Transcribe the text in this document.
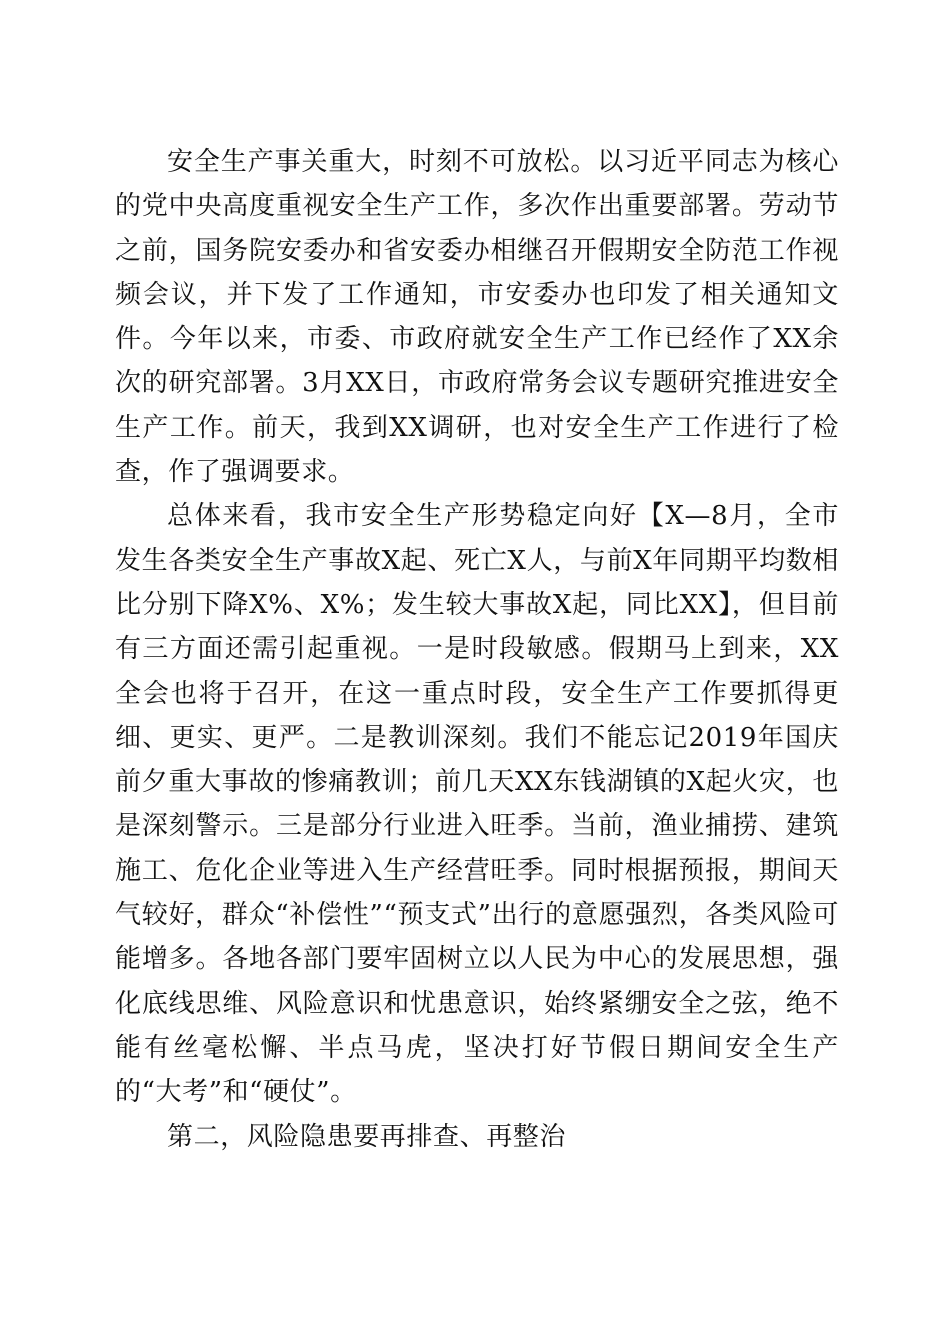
安全生产事关重大，时刻不可放松。以习近平同志为核心的党中央高度重视安全生产工作，多次作出重要部署。劳动节之前，国务院安委办和省安委办相继召开假期安全防范工作视频会议，并下发了工作通知，市安委办也印发了相关通知文件。今年以来，市委、市政府就安全生产工作已经作了XX余次的研究部署。3月XX日，市政府常务会议专题研究推进安全生产工作。前天，我到XX调研，也对安全生产工作进行了检查，作了强调要求。

总体来看，我市安全生产形势稳定向好【X—8月，全市发生各类安全生产事故X起、死亡X人，与前X年同期平均数相比分别下降X%、X%；发生较大事故X起，同比XX】，但目前有三方面还需引起重视。一是时段敏感。假期马上到来，XX全会也将于召开，在这一重点时段，安全生产工作要抓得更细、更实、更严。二是教训深刻。我们不能忘记2019年国庆前夕重大事故的惨痛教训；前几天XX东钱湖镇的X起火灾，也是深刻警示。三是部分行业进入旺季。当前，渔业捕捞、建筑施工、危化企业等进入生产经营旺季。同时根据预报，期间天气较好，群众“补偿性”“预支式”出行的意愿强烈，各类风险可能增多。各地各部门要牢固树立以人民为中心的发展思想，强化底线思维、风险意识和忧患意识，始终紧绷安全之弦，绝不能有丝毫松懈、半点马虎，坚决打好节假日期间安全生产的“大考”和“硬仗”。

第二，风险隐患要再排查、再整治
